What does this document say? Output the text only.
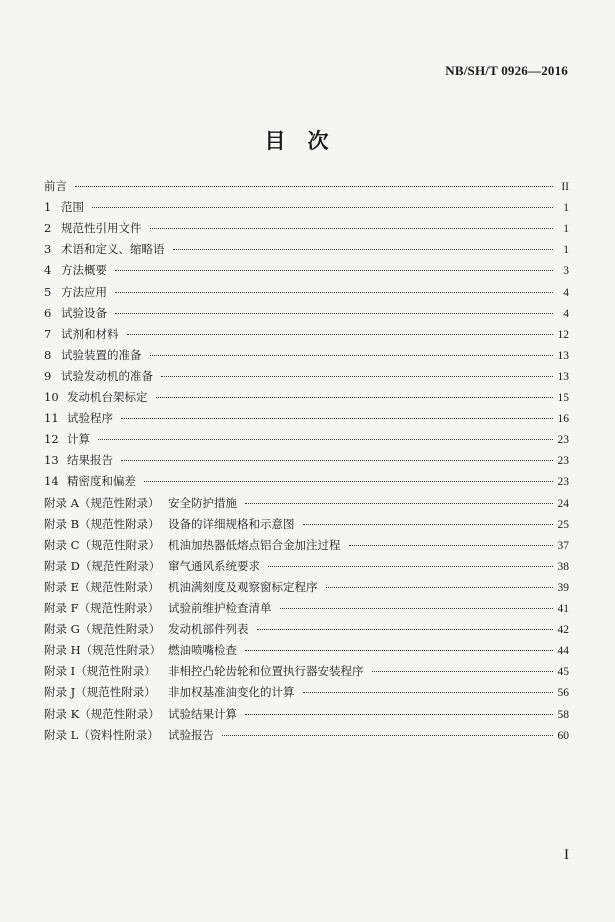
NB/SH/T 0926—2016
目次
前言	II
1 范围	1
2 规范性引用文件	1
3 术语和定义、缩略语	1
4 方法概要	3
5 方法应用	4
6 试验设备	4
7 试剂和材料	12
8 试验装置的准备	13
9 试验发动机的准备	13
10 发动机台架标定	15
11 试验程序	16
12 计算	23
13 结果报告	23
14 精密度和偏差	23
附录 A（规范性附录） 安全防护措施	24
附录 B（规范性附录） 设备的详细规格和示意图	25
附录 C（规范性附录） 机油加热器低熔点铝合金加注过程	37
附录 D（规范性附录） 窜气通风系统要求	38
附录 E（规范性附录） 机油满刻度及观察窗标定程序	39
附录 F（规范性附录） 试验前维护检查清单	41
附录 G（规范性附录） 发动机部件列表	42
附录 H（规范性附录） 燃油喷嘴检查	44
附录 I（规范性附录）	非相控凸轮齿轮和位置执行器安装程序	45
附录 J（规范性附录）	非加权基准油变化的计算	56
附录 K（规范性附录） 试验结果计算	58
附录 L（资料性附录） 试验报告	60
I
